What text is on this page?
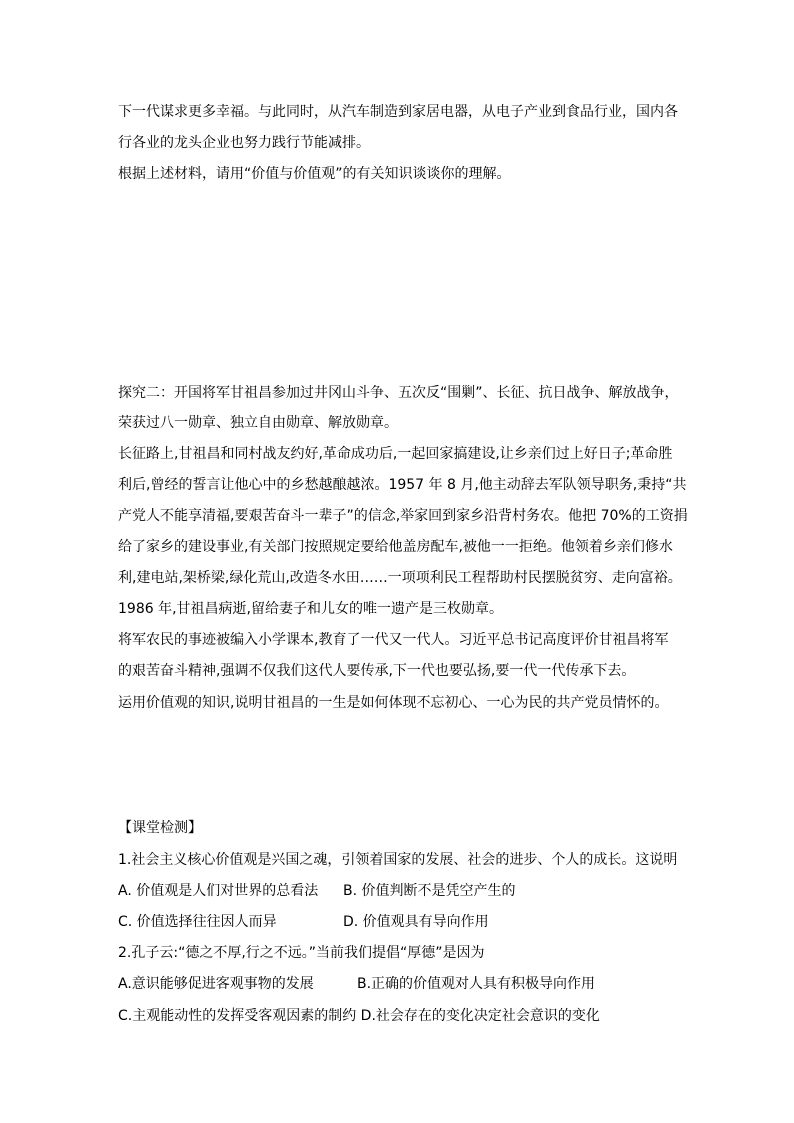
下一代谋求更多幸福。与此同时，从汽车制造到家居电器，从电子产业到食品行业，国内各
行各业的龙头企业也努力践行节能减排。
根据上述材料，请用“价值与价值观”的有关知识谈谈你的理解。
探究二：开国将军甘祖昌参加过井冈山斗争、五次反“围剿”、长征、抗日战争、解放战争，
荣获过八一勋章、独立自由勋章、解放勋章。
长征路上,甘祖昌和同村战友约好,革命成功后,一起回家搞建设,让乡亲们过上好日子;革命胜
利后,曾经的誓言让他心中的乡愁越酿越浓。1957 年 8 月,他主动辞去军队领导职务,秉持“共
产党人不能享清福,要艰苦奋斗一辈子”的信念,举家回到家乡沿背村务农。他把 70%的工资捐
给了家乡的建设事业,有关部门按照规定要给他盖房配车,被他一一拒绝。他领着乡亲们修水
利,建电站,架桥梁,绿化荒山,改造冬水田……一项项利民工程帮助村民摆脱贫穷、走向富裕。
1986 年,甘祖昌病逝,留给妻子和儿女的唯一遗产是三枚勋章。
将军农民的事迹被编入小学课本,教育了一代又一代人。习近平总书记高度评价甘祖昌将军
的艰苦奋斗精神,强调不仅我们这代人要传承,下一代也要弘扬,要一代一代传承下去。
运用价值观的知识,说明甘祖昌的一生是如何体现不忘初心、一心为民的共产党员情怀的。
【课堂检测】
1.社会主义核心价值观是兴国之魂，引领着国家的发展、社会的进步、个人的成长。这说明
A. 价值观是人们对世界的总看法 B. 价值判断不是凭空产生的
C. 价值选择往往因人而异	D. 价值观具有导向作用
2.孔子云:“德之不厚,行之不远。”当前我们提倡“厚德”是因为
A.意识能够促进客观事物的发展	B.正确的价值观对人具有积极导向作用
C.主观能动性的发挥受客观因素的制约 D.社会存在的变化决定社会意识的变化
